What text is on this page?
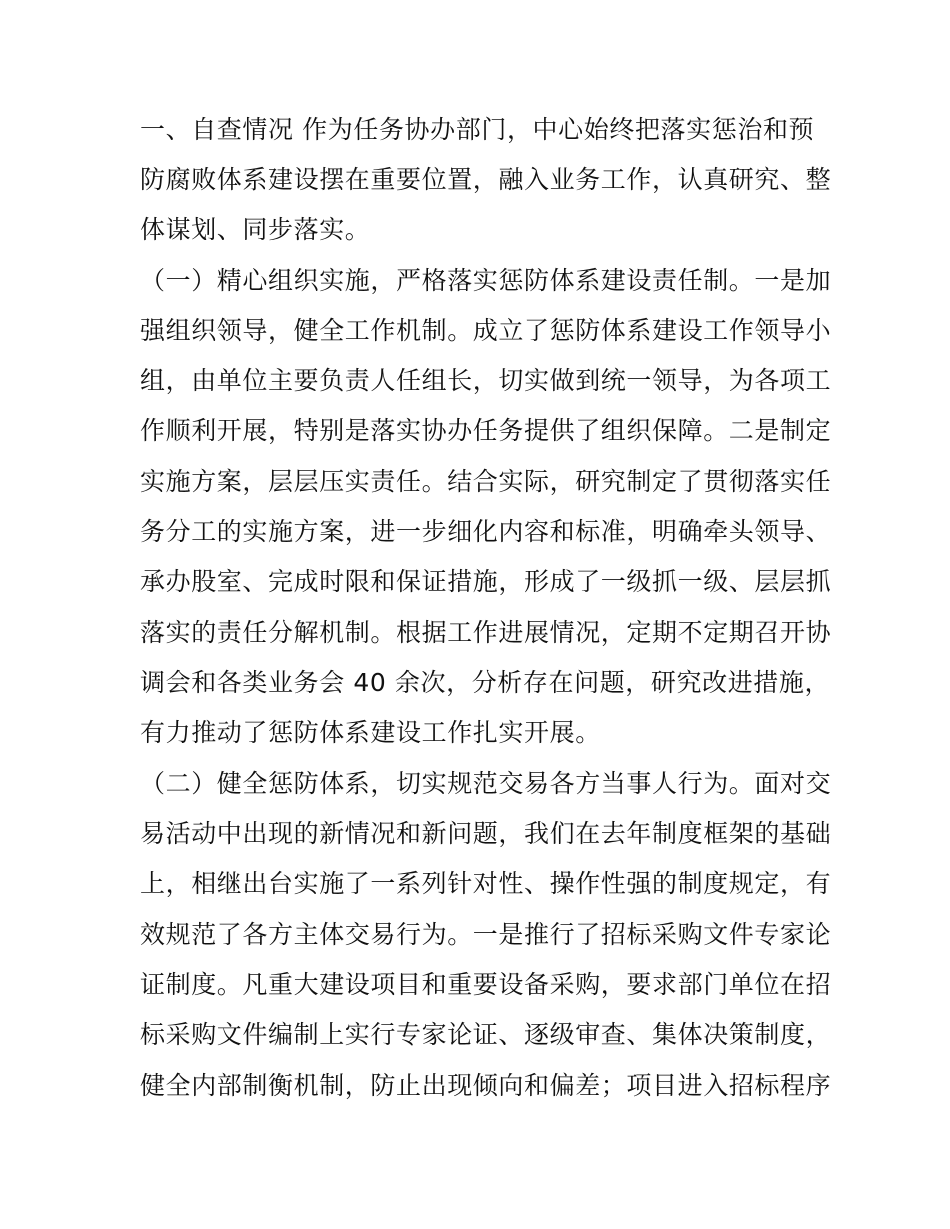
一、自查情况 作为任务协办部门，中心始终把落实惩治和预
防腐败体系建设摆在重要位置，融入业务工作，认真研究、整
体谋划、同步落实。
（一）精心组织实施，严格落实惩防体系建设责任制。一是加
强组织领导，健全工作机制。成立了惩防体系建设工作领导小
组，由单位主要负责人任组长，切实做到统一领导，为各项工
作顺利开展，特别是落实协办任务提供了组织保障。二是制定
实施方案，层层压实责任。结合实际，研究制定了贯彻落实任
务分工的实施方案，进一步细化内容和标准，明确牵头领导、
承办股室、完成时限和保证措施，形成了一级抓一级、层层抓
落实的责任分解机制。根据工作进展情况，定期不定期召开协
调会和各类业务会 40 余次，分析存在问题，研究改进措施，
有力推动了惩防体系建设工作扎实开展。
（二）健全惩防体系，切实规范交易各方当事人行为。面对交
易活动中出现的新情况和新问题，我们在去年制度框架的基础
上，相继出台实施了一系列针对性、操作性强的制度规定，有
效规范了各方主体交易行为。一是推行了招标采购文件专家论
证制度。凡重大建设项目和重要设备采购，要求部门单位在招
标采购文件编制上实行专家论证、逐级审查、集体决策制度，
健全内部制衡机制，防止出现倾向和偏差；项目进入招标程序
